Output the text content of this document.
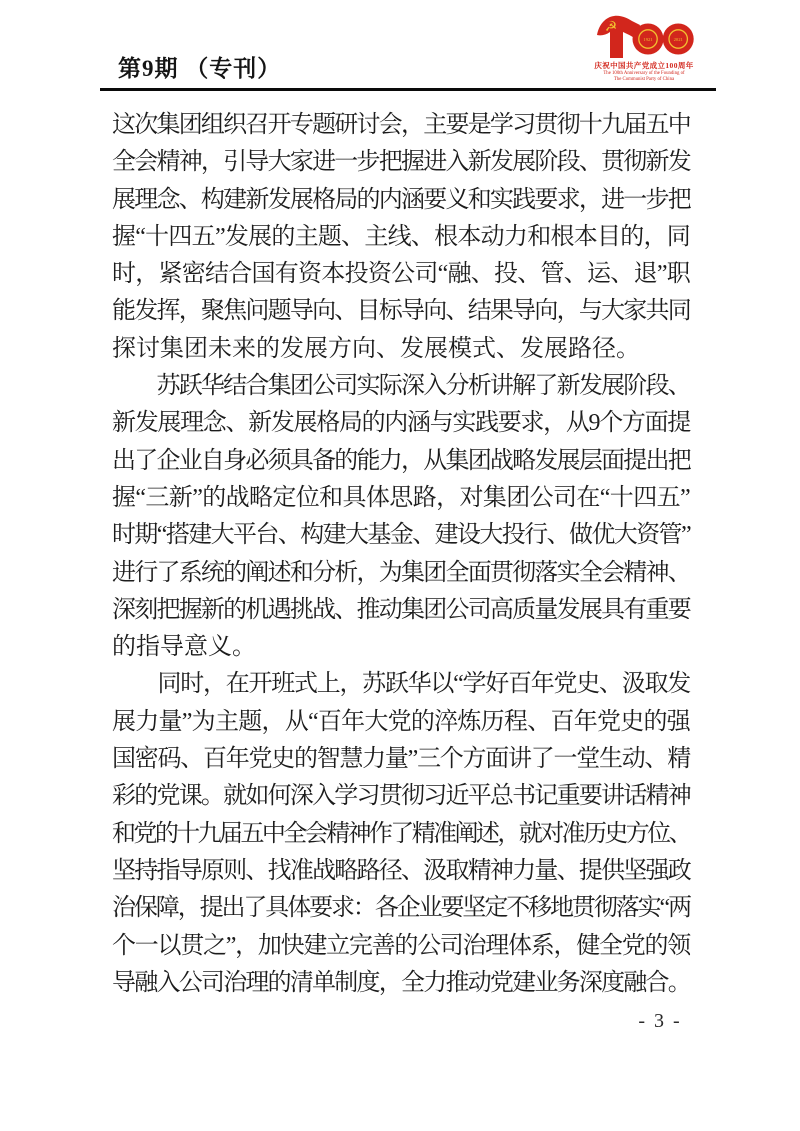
第9期 （专刊）
☭
1921	2021
庆祝中国共产党成立100周年
The 100th Anniversary of the Founding of
The Communist Party of China
这次集团组织召开专题研讨会，主要是学习贯彻十九届五中
全会精神，引导大家进一步把握进入新发展阶段、贯彻新发
展理念、构建新发展格局的内涵要义和实践要求，进一步把
握“十四五”发展的主题、主线、根本动力和根本目的，同
时，紧密结合国有资本投资公司“融、投、管、运、退”职
能发挥，聚焦问题导向、目标导向、结果导向，与大家共同
探讨集团未来的发展方向、发展模式、发展路径。
　　苏跃华结合集团公司实际深入分析讲解了新发展阶段、
新发展理念、新发展格局的内涵与实践要求，从9个方面提
出了企业自身必须具备的能力，从集团战略发展层面提出把
握“三新”的战略定位和具体思路，对集团公司在“十四五”
时期“搭建大平台、构建大基金、建设大投行、做优大资管”
进行了系统的阐述和分析，为集团全面贯彻落实全会精神、
深刻把握新的机遇挑战、推动集团公司高质量发展具有重要
的指导意义。
　　同时，在开班式上，苏跃华以“学好百年党史、汲取发
展力量”为主题，从“百年大党的淬炼历程、百年党史的强
国密码、百年党史的智慧力量”三个方面讲了一堂生动、精
彩的党课。就如何深入学习贯彻习近平总书记重要讲话精神
和党的十九届五中全会精神作了精准阐述，就对准历史方位、
坚持指导原则、找准战略路径、汲取精神力量、提供坚强政
治保障，提出了具体要求：各企业要坚定不移地贯彻落实“两
个一以贯之”，加快建立完善的公司治理体系，健全党的领
导融入公司治理的清单制度，全力推动党建业务深度融合。
- 3 -
